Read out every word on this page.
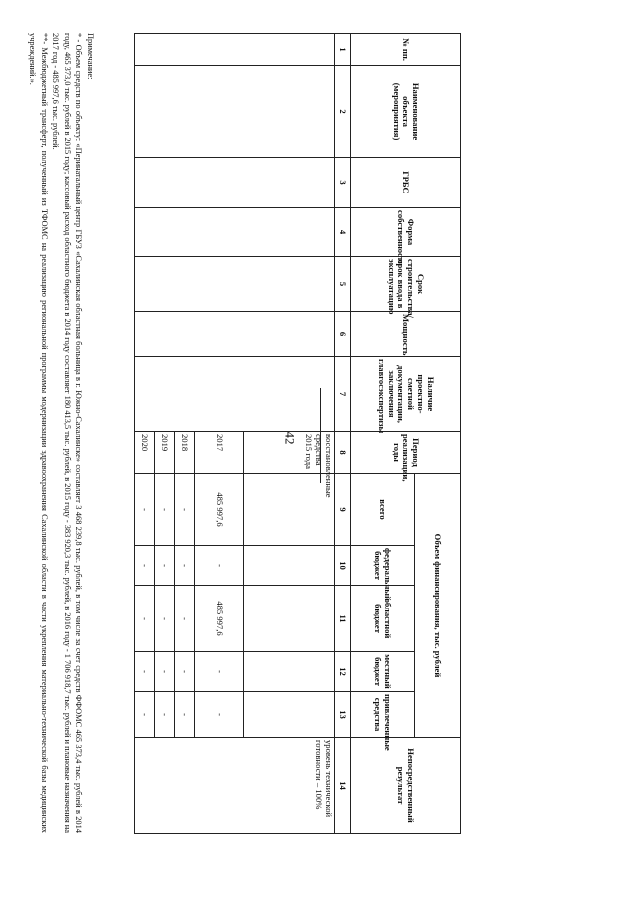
42
№ пп.	Наименование объекта (мероприятия)	ГРБС	Форма собственности	Срок строительства/срок ввода в эксплуатацию	Мощность	Наличие проектно-сметной документации, заключения главгосэкспертизы	Период реализации, годы	Объем финансирования, тыс. рублей					Непосредственный результат
								всего	федеральный бюджет	областной бюджет	местный бюджет	привлеченные средства	
1	2	3	4	5	6	7	8	9	10	11	12	13	14
							восстановленные средства 2015 года						уровень технической готовности – 100%
							2017	485 997,6	-	485 997,6	-	-	
							2018	-	-	-	-	-	
							2019	-	-	-	-	-	
							2020	-	-	-	-	-	

Примечание:

* - Объем средств по объекту: «Перинатальный центр ГБУЗ «Сахалинская областная больница в г. Южно-Сахалинске» составляет 3 468 239,8 тыс. рублей, в том числе за счет средств ФФОМС 465 373,4 тыс. рублей в 2014 году, 465 373,0 тыс. рублей в 2015 году; кассовый расход областного бюджета в 2014 году составляет 180 413,5 тыс. рублей, в 2015 году - 383 920,3 тыс. рублей, в 2016 году - 1 706 918,7 тыс. рублей и плановые назначения на 2017 год - 485 997,6 тыс. рублей.

**- Межбюджетный трансферт, полученный из ТФОМС на реализацию региональной программы модернизации здравоохранения Сахалинской области в части укрепления материально-технической базы медицинских учреждений.».
